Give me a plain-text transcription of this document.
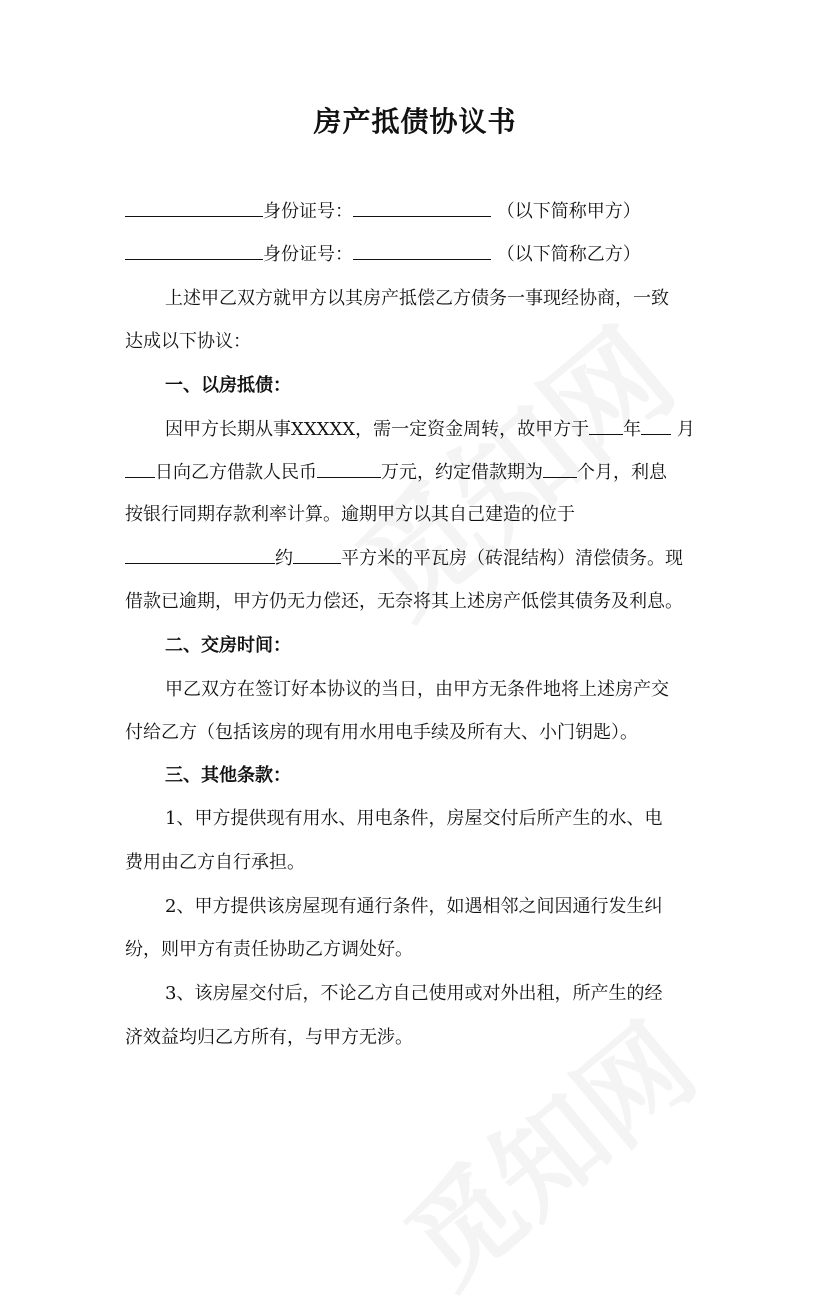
房产抵债协议书
身份证号：	（以下简称甲方）
身份证号：	（以下简称乙方）
上述甲乙双方就甲方以其房产抵偿乙方债务一事现经协商，一致
达成以下协议：
一、以房抵债：
因甲方长期从事XXXXX，需一定资金周转，故甲方于 年 月
日向乙方借款人民币	万元，约定借款期为 个月，利息
按银行同期存款利率计算。逾期甲方以其自己建造的位于
约	平方米的平瓦房（砖混结构）清偿债务。现
借款已逾期，甲方仍无力偿还，无奈将其上述房产低偿其债务及利息。
二、交房时间：
甲乙双方在签订好本协议的当日，由甲方无条件地将上述房产交
付给乙方（包括该房的现有用水用电手续及所有大、小门钥匙）。
三、其他条款：
1、甲方提供现有用水、用电条件，房屋交付后所产生的水、电
费用由乙方自行承担。
2、甲方提供该房屋现有通行条件，如遇相邻之间因通行发生纠
纷，则甲方有责任协助乙方调处好。
3、该房屋交付后，不论乙方自己使用或对外出租，所产生的经
济效益均归乙方所有，与甲方无涉。
